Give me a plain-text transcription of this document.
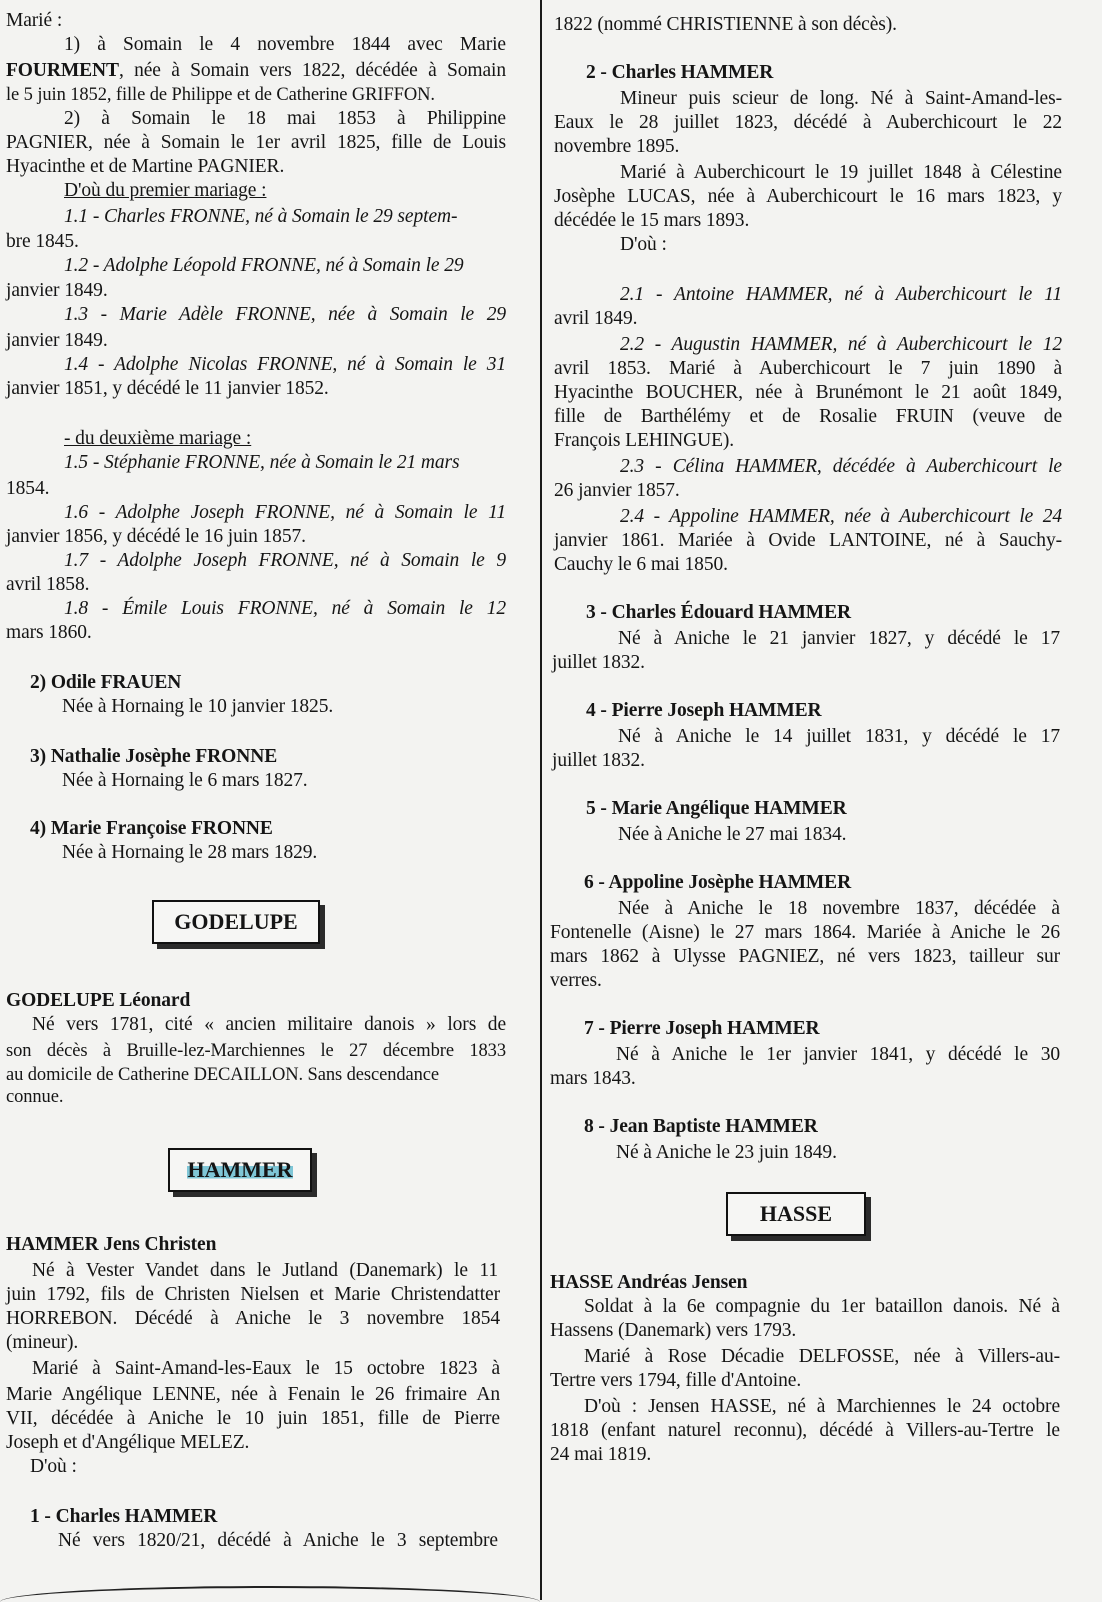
Marié :
1) à Somain le 4 novembre 1844 avec Marie
FOURMENT, née à Somain vers 1822, décédée à Somain
le 5 juin 1852, fille de Philippe et de Catherine GRIFFON.
2) à Somain le 18 mai 1853 à Philippine
PAGNIER, née à Somain le 1er avril 1825, fille de Louis
Hyacinthe et de Martine PAGNIER.
D'où du premier mariage :
1.1 - Charles FRONNE, né à Somain le 29 septem-
bre 1845.
1.2 - Adolphe Léopold FRONNE, né à Somain le 29
janvier 1849.
1.3 - Marie Adèle FRONNE, née à Somain le 29
janvier 1849.
1.4 - Adolphe Nicolas FRONNE, né à Somain le 31
janvier 1851, y décédé le 11 janvier 1852.
- du deuxième mariage :
1.5 - Stéphanie FRONNE, née à Somain le 21 mars
1854.
1.6 - Adolphe Joseph FRONNE, né à Somain le 11
janvier 1856, y décédé le 16 juin 1857.
1.7 - Adolphe Joseph FRONNE, né à Somain le 9
avril 1858.
1.8 - Émile Louis FRONNE, né à Somain le 12
mars 1860.
2) Odile FRAUEN
Née à Hornaing le 10 janvier 1825.
3) Nathalie Josèphe FRONNE
Née à Hornaing le 6 mars 1827.
4) Marie Françoise FRONNE
Née à Hornaing le 28 mars 1829.
GODELUPE
GODELUPE Léonard
Né vers 1781, cité « ancien militaire danois » lors de
son décès à Bruille-lez-Marchiennes le 27 décembre 1833
au domicile de Catherine DECAILLON. Sans descendance
connue.
HAMMER
HAMMER Jens Christen
Né à Vester Vandet dans le Jutland (Danemark) le 11
juin 1792, fils de Christen Nielsen et Marie Christendatter
HORREBON. Décédé à Aniche le 3 novembre 1854
(mineur).
Marié à Saint-Amand-les-Eaux le 15 octobre 1823 à
Marie Angélique LENNE, née à Fenain le 26 frimaire An
VII, décédée à Aniche le 10 juin 1851, fille de Pierre
Joseph et d'Angélique MELEZ.
D'où :
1 - Charles HAMMER
Né vers 1820/21, décédé à Aniche le 3 septembre
1822 (nommé CHRISTIENNE à son décès).
2 - Charles HAMMER
Mineur puis scieur de long. Né à Saint-Amand-les-
Eaux le 28 juillet 1823, décédé à Auberchicourt le 22
novembre 1895.
Marié à Auberchicourt le 19 juillet 1848 à Célestine
Josèphe LUCAS, née à Auberchicourt le 16 mars 1823, y
décédée le 15 mars 1893.
D'où :
2.1 - Antoine HAMMER, né à Auberchicourt le 11
avril 1849.
2.2 - Augustin HAMMER, né à Auberchicourt le 12
avril 1853. Marié à Auberchicourt le 7 juin 1890 à
Hyacinthe BOUCHER, née à Brunémont le 21 août 1849,
fille de Barthélémy et de Rosalie FRUIN (veuve de
François LEHINGUE).
2.3 - Célina HAMMER, décédée à Auberchicourt le
26 janvier 1857.
2.4 - Appoline HAMMER, née à Auberchicourt le 24
janvier 1861. Mariée à Ovide LANTOINE, né à Sauchy-
Cauchy le 6 mai 1850.
3 - Charles Édouard HAMMER
Né à Aniche le 21 janvier 1827, y décédé le 17
juillet 1832.
4 - Pierre Joseph HAMMER
Né à Aniche le 14 juillet 1831, y décédé le 17
juillet 1832.
5 - Marie Angélique HAMMER
Née à Aniche le 27 mai 1834.
6 - Appoline Josèphe HAMMER
Née à Aniche le 18 novembre 1837, décédée à
Fontenelle (Aisne) le 27 mars 1864. Mariée à Aniche le 26
mars 1862 à Ulysse PAGNIEZ, né vers 1823, tailleur sur
verres.
7 - Pierre Joseph HAMMER
Né à Aniche le 1er janvier 1841, y décédé le 30
mars 1843.
8 - Jean Baptiste HAMMER
Né à Aniche le 23 juin 1849.
HASSE
HASSE Andréas Jensen
Soldat à la 6e compagnie du 1er bataillon danois. Né à
Hassens (Danemark) vers 1793.
Marié à Rose Décadie DELFOSSE, née à Villers-au-
Tertre vers 1794, fille d'Antoine.
D'où : Jensen HASSE, né à Marchiennes le 24 octobre
1818 (enfant naturel reconnu), décédé à Villers-au-Tertre le
24 mai 1819.
